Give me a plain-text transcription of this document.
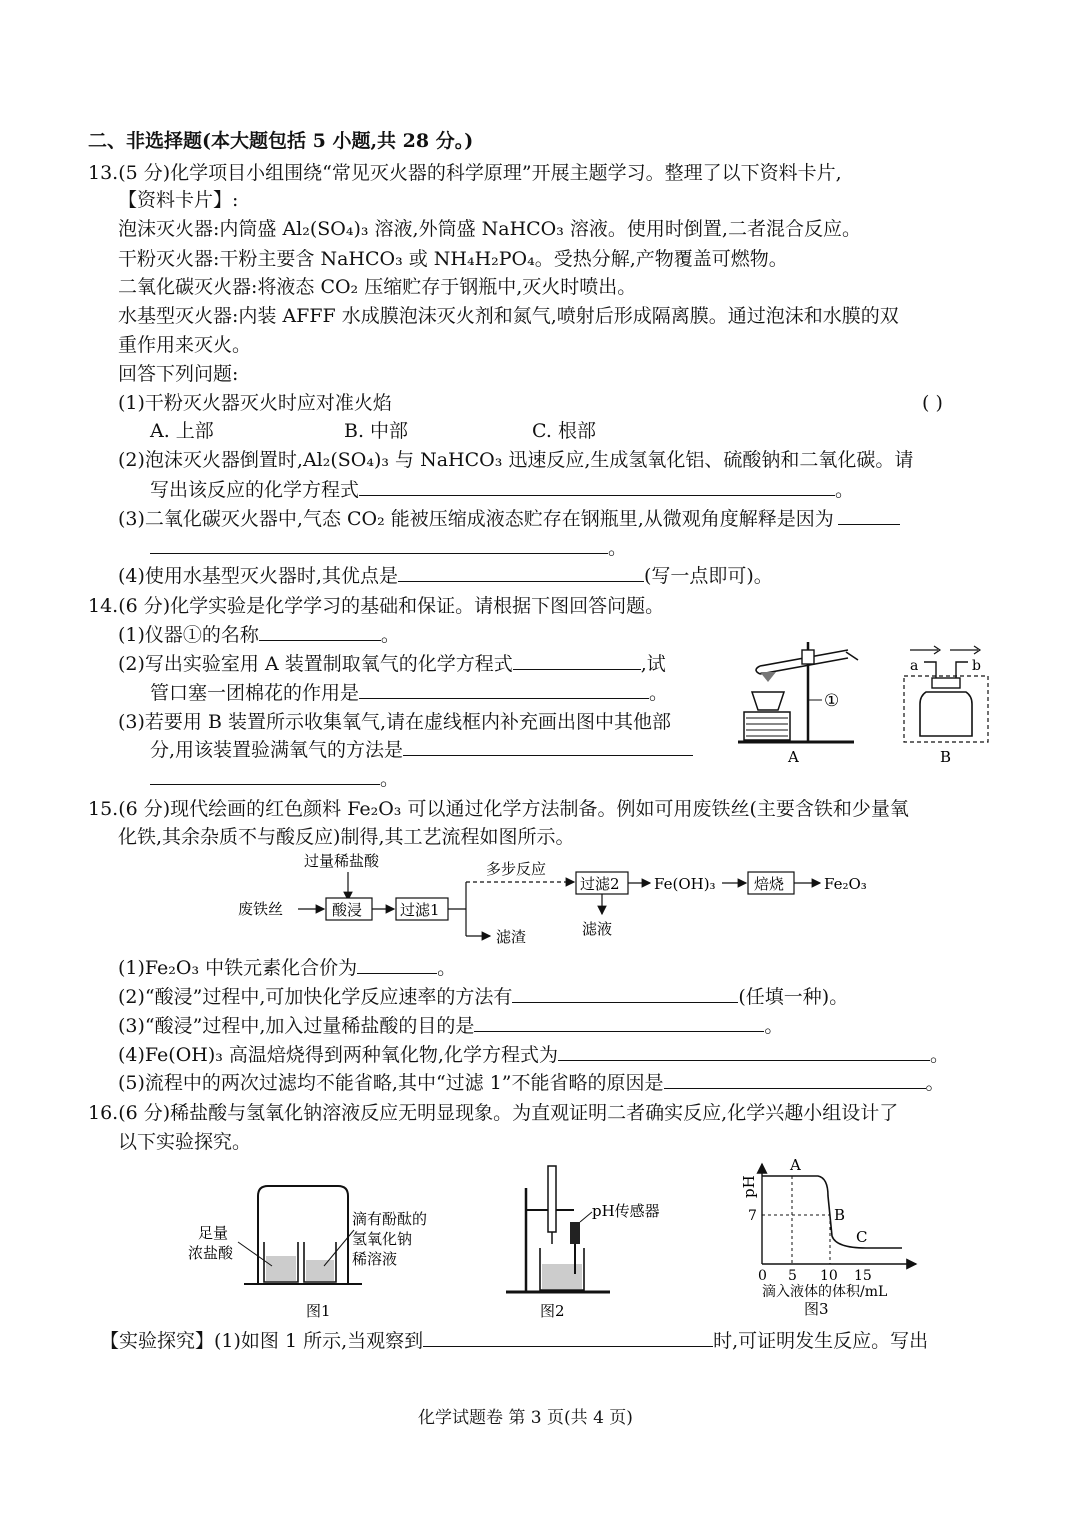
二、非选择题(本大题包括 5 小题,共 28 分。)
13.(5 分)化学项目小组围绕“常见灭火器的科学原理”开展主题学习。整理了以下资料卡片,
【资料卡片】:
泡沫灭火器:内筒盛 Al₂(SO₄)₃ 溶液,外筒盛 NaHCO₃ 溶液。使用时倒置,二者混合反应。
干粉灭火器:干粉主要含 NaHCO₃ 或 NH₄H₂PO₄。受热分解,产物覆盖可燃物。
二氧化碳灭火器:将液态 CO₂ 压缩贮存于钢瓶中,灭火时喷出。
水基型灭火器:内装 AFFF 水成膜泡沫灭火剂和氮气,喷射后形成隔离膜。通过泡沫和水膜的双
重作用来灭火。
回答下列问题:
(1)干粉灭火器灭火时应对准火焰	( )
A. 上部	B. 中部	C. 根部
(2)泡沫灭火器倒置时,Al₂(SO₄)₃ 与 NaHCO₃ 迅速反应,生成氢氧化铝、硫酸钠和二氧化碳。请
写出该反应的化学方程式	。
(3)二氧化碳灭火器中,气态 CO₂ 能被压缩成液态贮存在钢瓶里,从微观角度解释是因为
。
(4)使用水基型灭火器时,其优点是	(写一点即可)。
14.(6 分)化学实验是化学学习的基础和保证。请根据下图回答问题。
(1)仪器①的名称	。
(2)写出实验室用 A 装置制取氧气的化学方程式	,试
管口塞一团棉花的作用是	。
(3)若要用 B 装置所示收集氧气,请在虚线框内补充画出图中其他部
分,用该装置验满氧气的方法是
。
①
A
a	b
B
15.(6 分)现代绘画的红色颜料 Fe₂O₃ 可以通过化学方法制备。例如可用废铁丝(主要含铁和少量氧
化铁,其余杂质不与酸反应)制得,其工艺流程如图所示。
过量稀盐酸
废铁丝	酸浸	过滤1
多步反应
滤渣
过滤2
滤液
Fe(OH)₃	焙烧	Fe₂O₃
(1)Fe₂O₃ 中铁元素化合价为	。
(2)“酸浸”过程中,可加快化学反应速率的方法有	(任填一种)。
(3)“酸浸”过程中,加入过量稀盐酸的目的是	。
(4)Fe(OH)₃ 高温焙烧得到两种氧化物,化学方程式为	。
(5)流程中的两次过滤均不能省略,其中“过滤 1”不能省略的原因是	。
16.(6 分)稀盐酸与氢氧化钠溶液反应无明显现象。为直观证明二者确实反应,化学兴趣小组设计了
以下实验探究。
足量
浓盐酸
滴有酚酞的
氢氧化钠
稀溶液
图1
pH传感器
图2
pH
7
A
B
C
0 5 10 15
滴入液体的体积/mL
图3
【实验探究】(1)如图 1 所示,当观察到	时,可证明发生反应。写出
化学试题卷 第 3 页(共 4 页)
